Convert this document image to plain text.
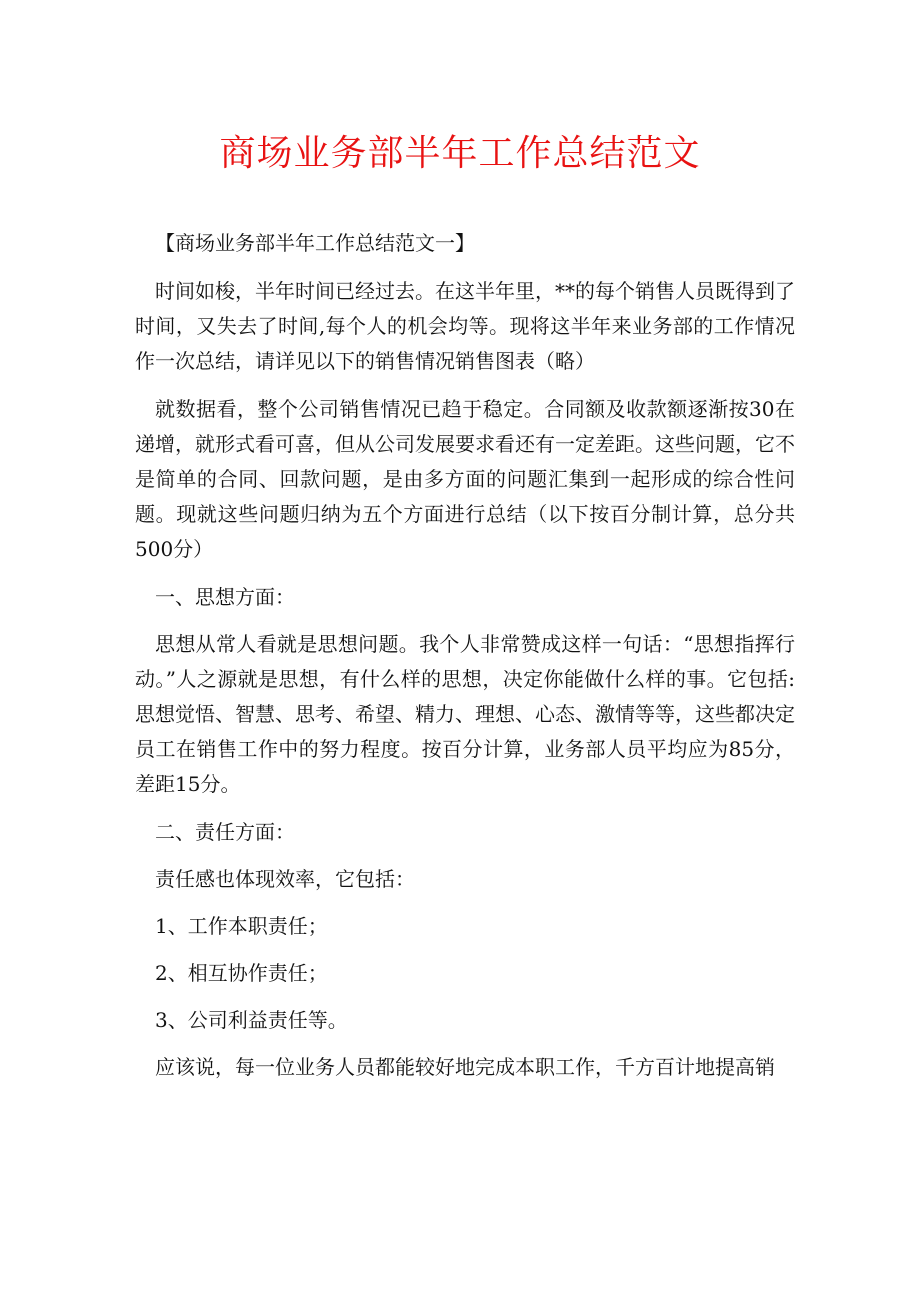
商场业务部半年工作总结范文

【商场业务部半年工作总结范文一】

时间如梭，半年时间已经过去。在这半年里，**的每个销售人员既得到了时间，又失去了时间,每个人的机会均等。现将这半年来业务部的工作情况作一次总结，请详见以下的销售情况销售图表（略）

就数据看，整个公司销售情况已趋于稳定。合同额及收款额逐渐按30在递增，就形式看可喜，但从公司发展要求看还有一定差距。这些问题，它不是简单的合同、回款问题，是由多方面的问题汇集到一起形成的综合性问题。现就这些问题归纳为五个方面进行总结（以下按百分制计算，总分共500分）

一、思想方面：

思想从常人看就是思想问题。我个人非常赞成这样一句话：“思想指挥行动。”人之源就是思想，有什么样的思想，决定你能做什么样的事。它包括: 思想觉悟、智慧、思考、希望、精力、理想、心态、激情等等，这些都决定员工在销售工作中的努力程度。按百分计算，业务部人员平均应为85分，差距15分。

二、责任方面：

责任感也体现效率，它包括：

1、工作本职责任；

2、相互协作责任；

3、公司利益责任等。

应该说，每一位业务人员都能较好地完成本职工作，千方百计地提高销
